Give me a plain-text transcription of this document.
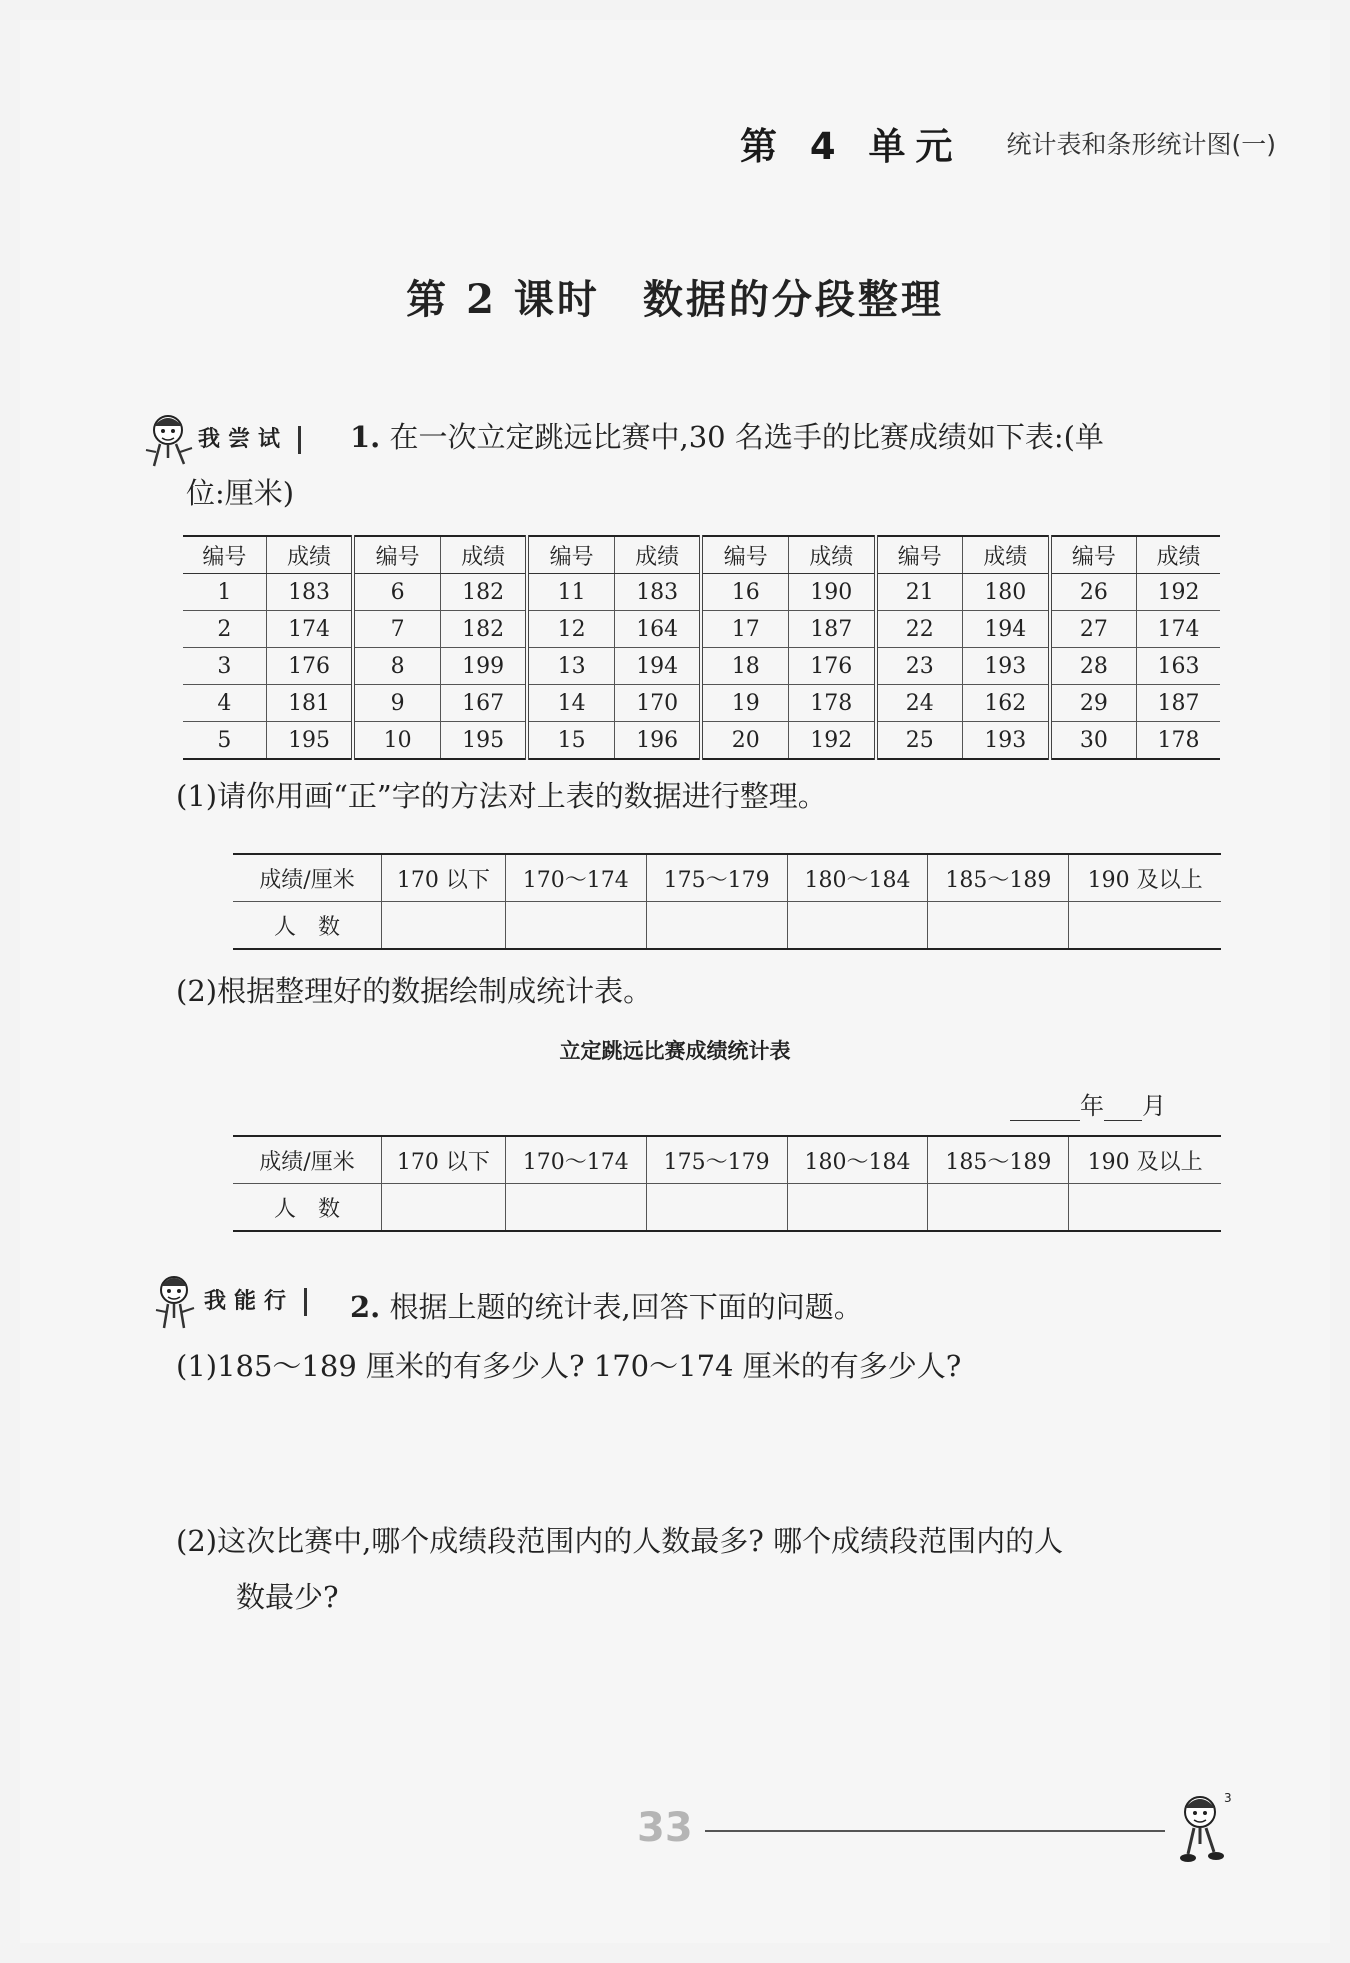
第 4 单元	统计表和条形统计图(一)
第 2 课时　数据的分段整理
我尝试	1. 在一次立定跳远比赛中,30 名选手的比赛成绩如下表:(单
位:厘米)
编号	成绩	编号	成绩	编号	成绩	编号	成绩	编号	成绩	编号	成绩
1	183	6	182	11	183	16	190	21	180	26	192
2	174	7	182	12	164	17	187	22	194	27	174
3	176	8	199	13	194	18	176	23	193	28	163
4	181	9	167	14	170	19	178	24	162	29	187
5	195	10	195	15	196	20	192	25	193	30	178
(1)请你用画“正”字的方法对上表的数据进行整理。
成绩/厘米	170 以下	170～174	175～179	180～184	185～189	190 及以上
人　数						
(2)根据整理好的数据绘制成统计表。
立定跳远比赛成绩统计表
年 月
成绩/厘米	170 以下	170～174	175～179	180～184	185～189	190 及以上
人　数						
我能行	2. 根据上题的统计表,回答下面的问题。
(1)185～189 厘米的有多少人? 170～174 厘米的有多少人?
(2)这次比赛中,哪个成绩段范围内的人数最多? 哪个成绩段范围内的人
数最少?
33
3
